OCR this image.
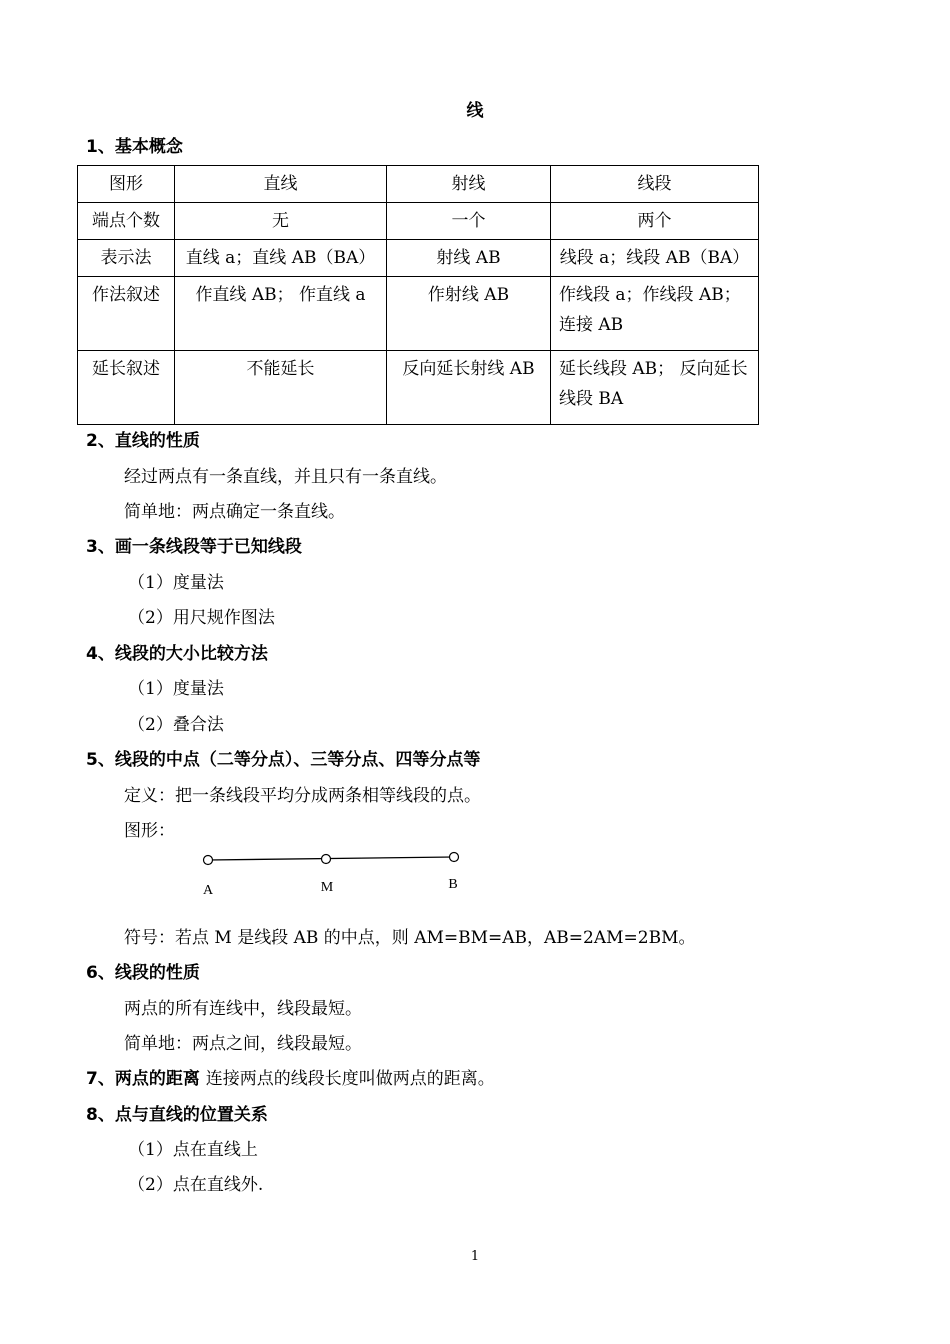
线
1、基本概念
图形	直线	射线	线段
端点个数	无	一个	两个
表示法	直线 a；直线 AB（BA）	射线 AB	线段 a；线段 AB（BA）
作法叙述	作直线 AB； 作直线 a	作射线 AB	作线段 a；作线段 AB；连接 AB
延长叙述	不能延长	反向延长射线 AB	延长线段 AB； 反向延长线段 BA
2、直线的性质
经过两点有一条直线，并且只有一条直线。
简单地：两点确定一条直线。
3、画一条线段等于已知线段
（1）度量法
（2）用尺规作图法
4、线段的大小比较方法
（1）度量法
（2）叠合法
5、线段的中点（二等分点）、三等分点、四等分点等
定义：把一条线段平均分成两条相等线段的点。
图形：
A	M	B
符号：若点 M 是线段 AB 的中点，则 AM=BM=AB，AB=2AM=2BM。
6、线段的性质
两点的所有连线中，线段最短。
简单地：两点之间，线段最短。
7、两点的距离 连接两点的线段长度叫做两点的距离。
8、点与直线的位置关系
（1）点在直线上
（2）点在直线外.
1
